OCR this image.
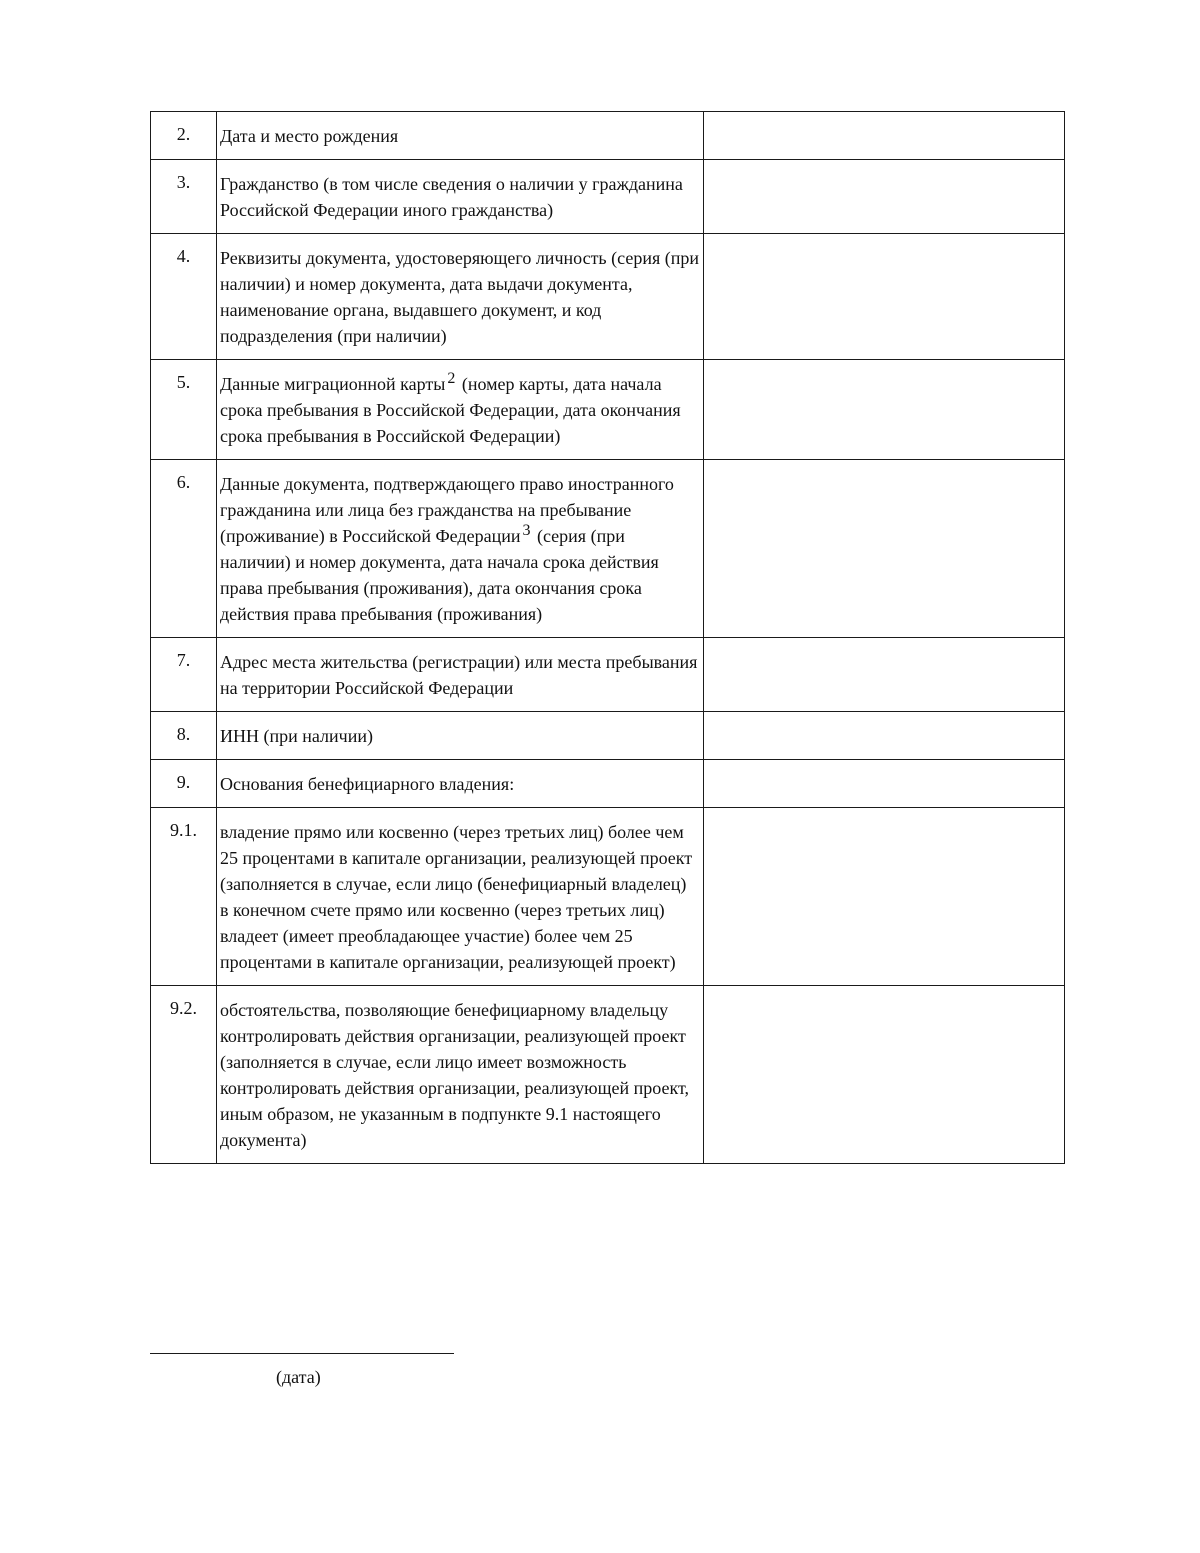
2.	Дата и место рождения	

3.	Гражданство (в том числе сведения о наличии у гражданина Российской Федерации иного гражданства)	

4.	Реквизиты документа, удостоверяющего личность (серия (при наличии) и номер документа, дата выдачи документа, наименование органа, выдавшего документ, и код подразделения (при наличии)	

5.	Данные миграционной карты $^2$ (номер карты, дата начала срока пребывания в Российской Федерации, дата окончания срока пребывания в Российской Федерации)	

6.	Данные документа, подтверждающего право иностранного гражданина или лица без гражданства на пребывание (проживание) в Российской Федерации $^3$ (серия (при наличии) и номер документа, дата начала срока действия права пребывания (проживания), дата окончания срока действия права пребывания (проживания)	

7.	Адрес места жительства (регистрации) или места пребывания на территории Российской Федерации	

8.	ИНН (при наличии)	

9.	Основания бенефициарного владения:	

9.1.	владение прямо или косвенно (через третьих лиц) более чем 25 процентами в капитале организации, реализующей проект (заполняется в случае, если лицо (бенефициарный владелец) в конечном счете прямо или косвенно (через третьих лиц) владеет (имеет преобладающее участие) более чем 25 процентами в капитале организации, реализующей проект)	

9.2.	обстоятельства, позволяющие бенефициарному владельцу контролировать действия организации, реализующей проект (заполняется в случае, если лицо имеет возможность контролировать действия организации, реализующей проект, иным образом, не указанным в подпункте 9.1 настоящего документа)	

(дата)
